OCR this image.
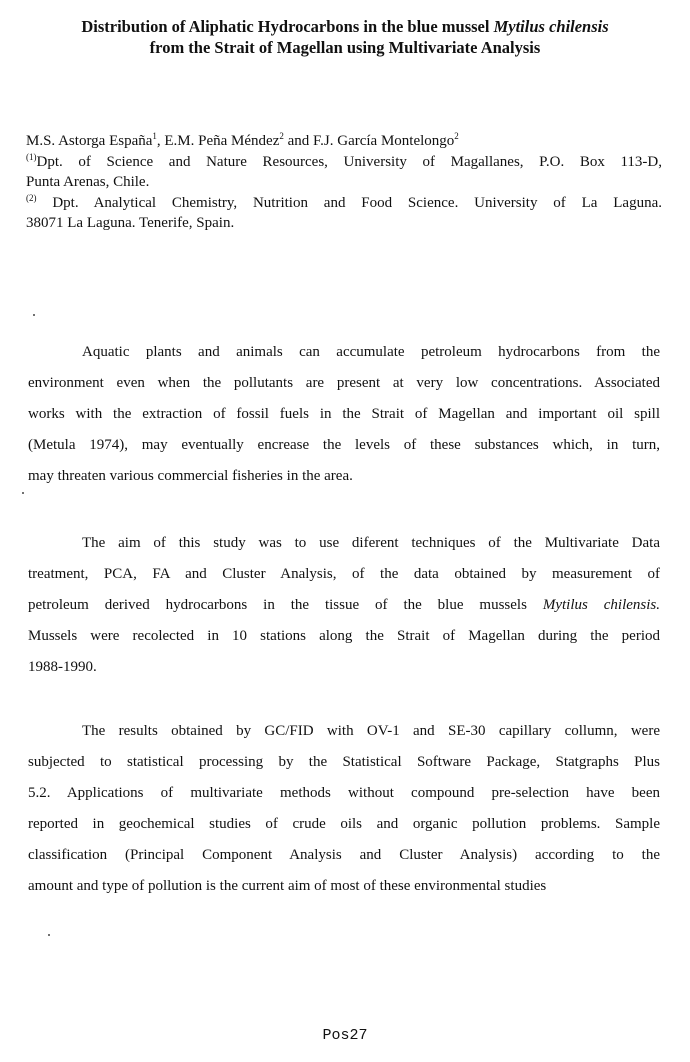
Distribution of Aliphatic Hydrocarbons in the blue mussel Mytilus chilensis
from the Strait of Magellan using Multivariate Analysis
M.S. Astorga España$^1$, E.M. Peña Méndez$^2$ and F.J. García Montelongo$^2$
$^{(1)}$Dpt. of Science and Nature Resources, University of Magallanes, P.O. Box 113-D,
Punta Arenas, Chile.
$^{(2)}$ Dpt. Analytical Chemistry, Nutrition and Food Science. University of La Laguna.
38071 La Laguna. Tenerife, Spain.
Aquatic plants and animals can accumulate petroleum hydrocarbons from the
environment even when the pollutants are present at very low concentrations. Associated
works with the extraction of fossil fuels in the Strait of Magellan and important oil spill
(Metula 1974), may eventually encrease the levels of these substances which, in turn,
may threaten various commercial fisheries in the area.
The aim of this study was to use diferent techniques of the Multivariate Data
treatment, PCA, FA and Cluster Analysis, of the data obtained by measurement of
petroleum derived hydrocarbons in the tissue of the blue mussels Mytilus chilensis.
Mussels were recolected in 10 stations along the Strait of Magellan during the period
1988-1990.
The results obtained by GC/FID with OV-1 and SE-30 capillary collumn, were
subjected to statistical processing by the Statistical Software Package, Statgraphs Plus
5.2. Applications of multivariate methods without compound pre-selection have been
reported in geochemical studies of crude oils and organic pollution problems. Sample
classification (Principal Component Analysis and Cluster Analysis) according to the
amount and type of pollution is the current aim of most of these environmental studies
Pos27
